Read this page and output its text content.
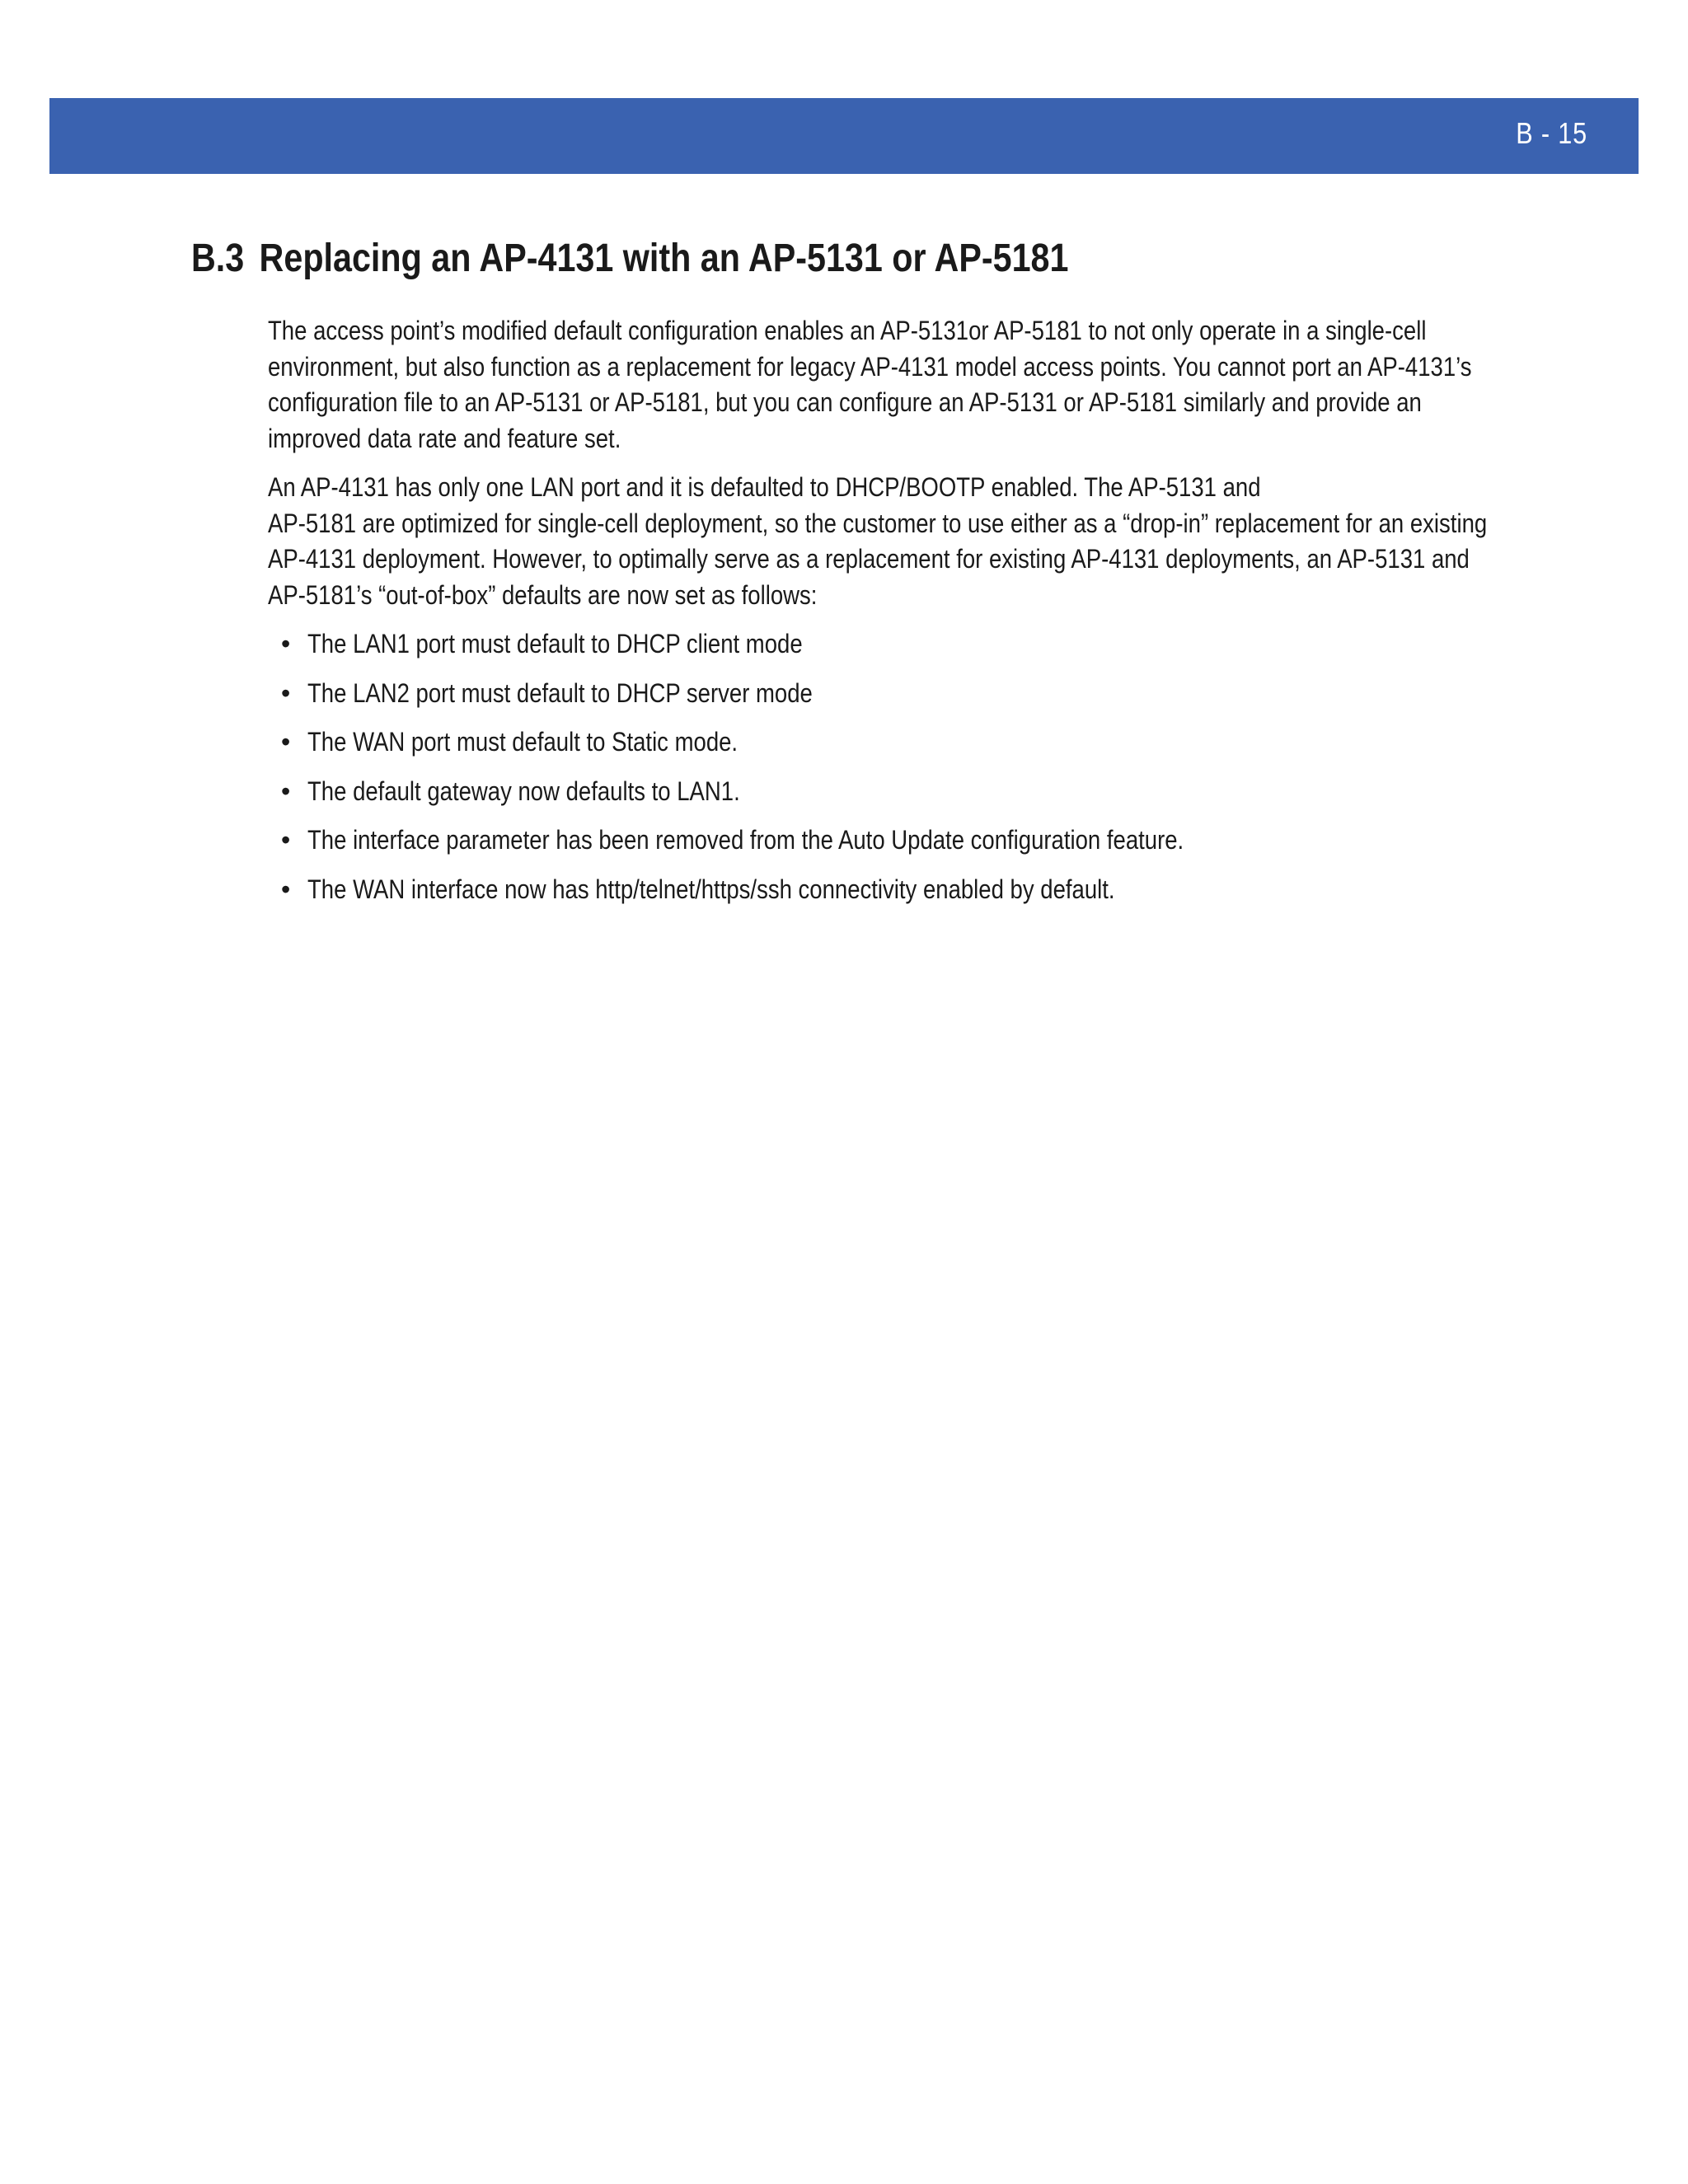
B - 15
B.3 Replacing an AP-4131 with an AP-5131 or AP-5181

The access point’s modified default configuration enables an AP-5131or AP-5181 to not only operate in a single-cell
environment, but also function as a replacement for legacy AP-4131 model access points. You cannot port an AP-4131’s
configuration file to an AP-5131 or AP-5181, but you can configure an AP-5131 or AP-5181 similarly and provide an
improved data rate and feature set.

An AP-4131 has only one LAN port and it is defaulted to DHCP/BOOTP enabled. The AP-5131 and
AP-5181 are optimized for single-cell deployment, so the customer to use either as a “drop-in” replacement for an existing
AP-4131 deployment. However, to optimally serve as a replacement for existing AP-4131 deployments, an AP-5131 and
AP-5181’s “out-of-box” defaults are now set as follows:

• The LAN1 port must default to DHCP client mode
• The LAN2 port must default to DHCP server mode
• The WAN port must default to Static mode.
• The default gateway now defaults to LAN1.
• The interface parameter has been removed from the Auto Update configuration feature.
• The WAN interface now has http/telnet/https/ssh connectivity enabled by default.
